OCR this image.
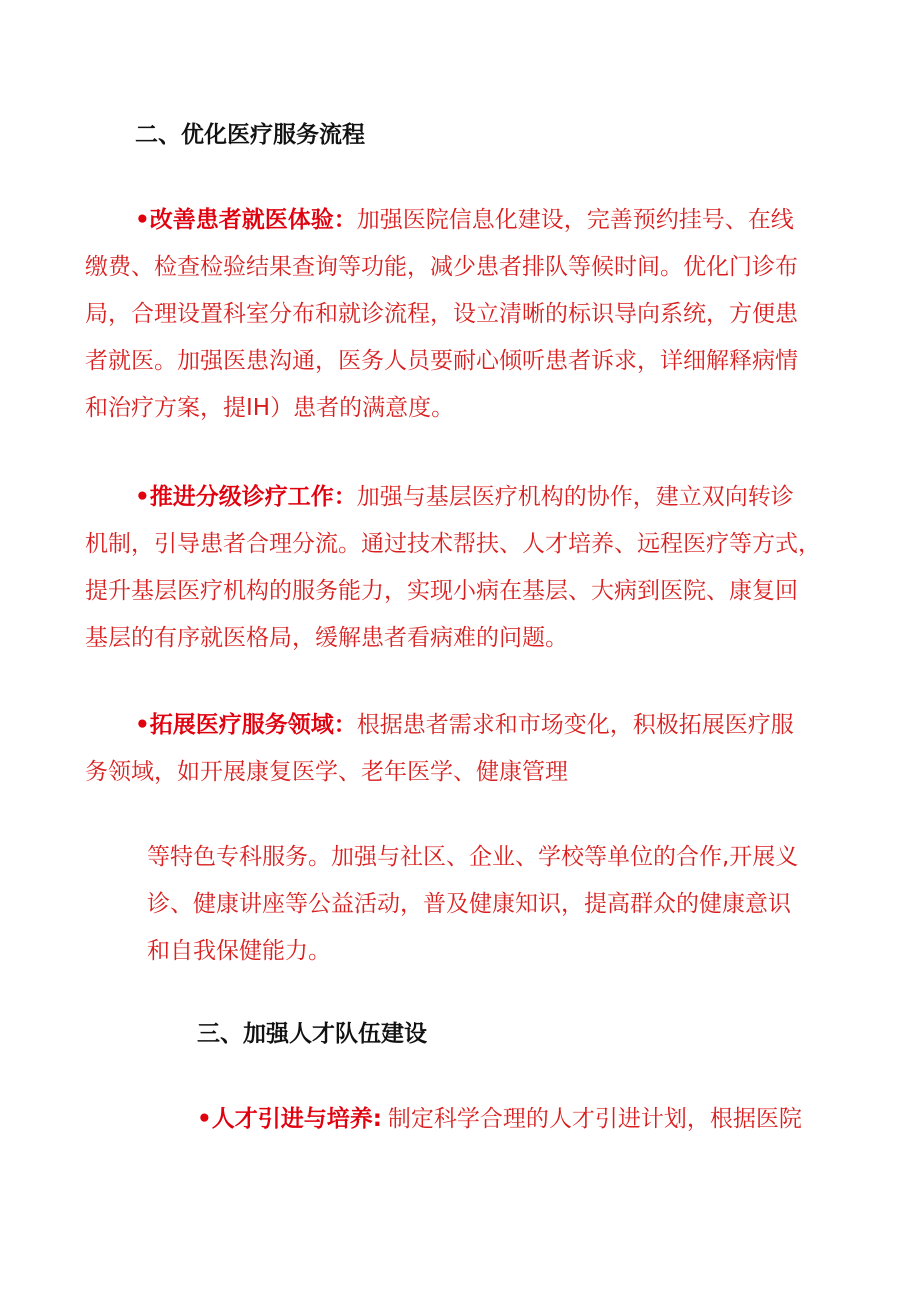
二、优化医疗服务流程
•改善患者就医体验：加强医院信息化建设，完善预约挂号、在线
缴费、检查检验结果查询等功能，减少患者排队等候时间。优化门诊布
局，合理设置科室分布和就诊流程，设立清晰的标识导向系统，方便患
者就医。加强医患沟通，医务人员要耐心倾听患者诉求，详细解释病情
和治疗方案，提IH）患者的满意度。
•推进分级诊疗工作：加强与基层医疗机构的协作，建立双向转诊
机制，引导患者合理分流。通过技术帮扶、人才培养、远程医疗等方式，
提升基层医疗机构的服务能力，实现小病在基层、大病到医院、康复回
基层的有序就医格局，缓解患者看病难的问题。
•拓展医疗服务领域：根据患者需求和市场变化，积极拓展医疗服
务领域，如开展康复医学、老年医学、健康管理
等特色专科服务。加强与社区、企业、学校等单位的合作,开展义
诊、健康讲座等公益活动，普及健康知识，提高群众的健康意识
和自我保健能力。
三、加强人才队伍建设
•人才引进与培养: 制定科学合理的人才引进计划，根据医院
